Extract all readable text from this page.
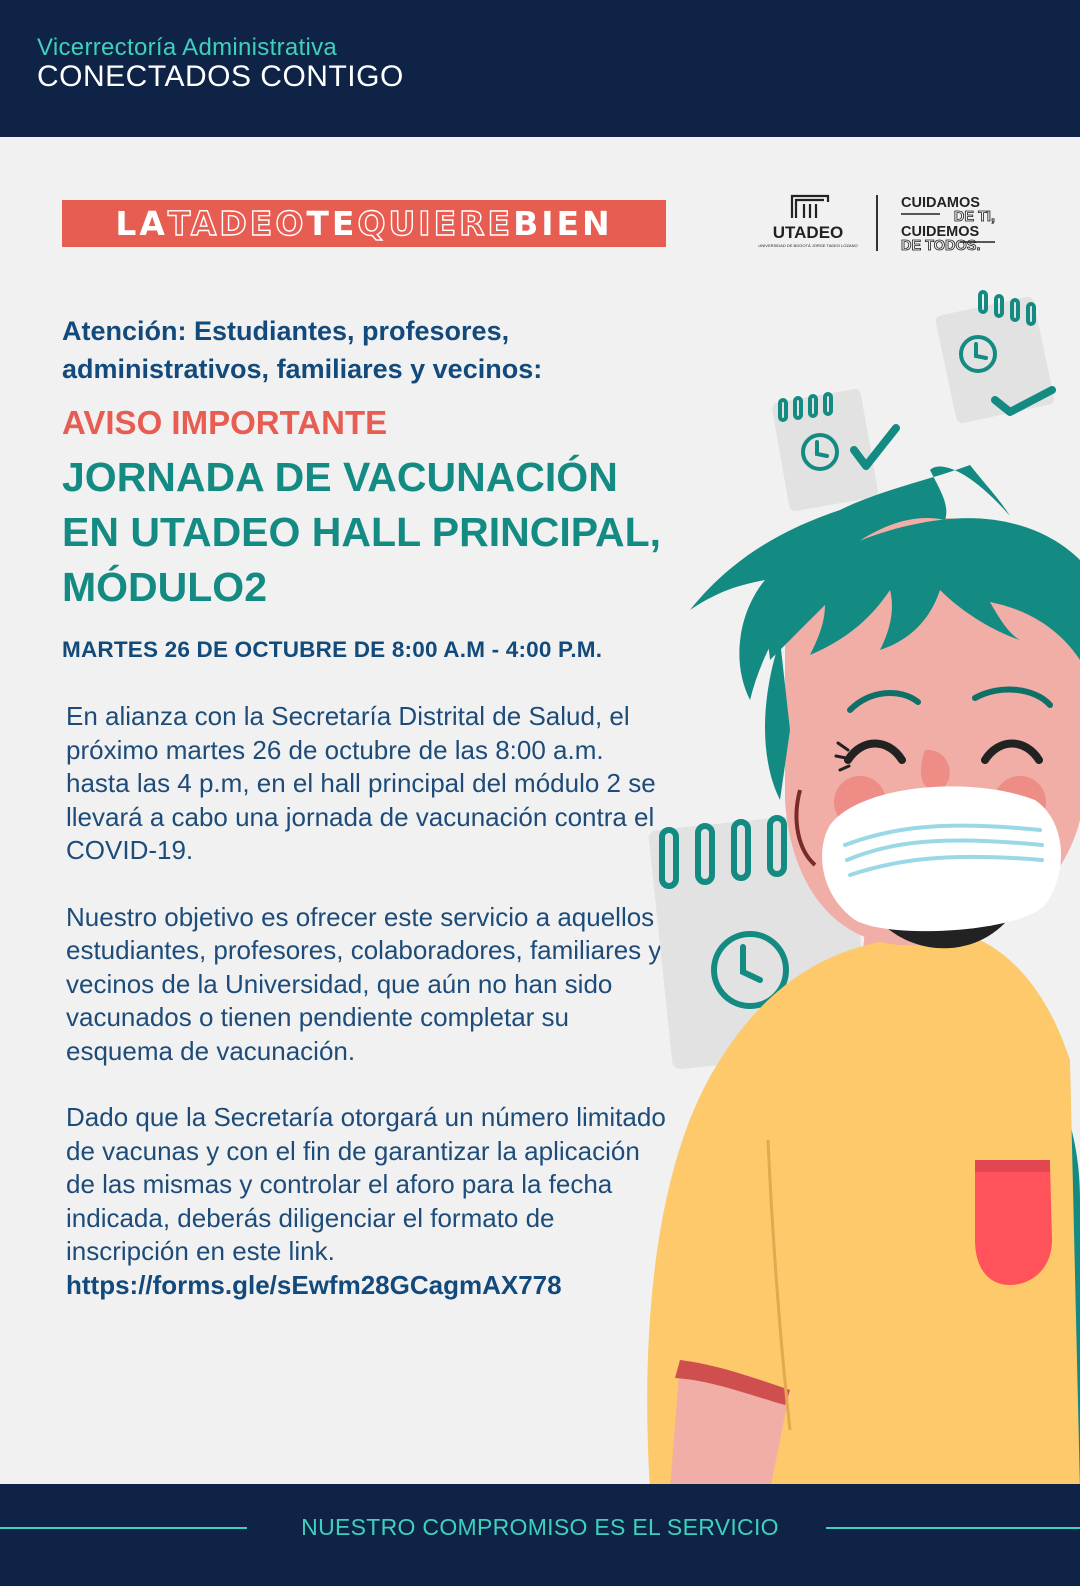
Vicerrectoría Administrativa
CONECTADOS CONTIGO
LA TADEO TE QUIERE BIEN	UTADEO
UNIVERSIDAD DE BOGOTÁ JORGE TADEO LOZANO
CUIDAMOS
DE TI,
CUIDEMOS
DE TODOS.
Atención: Estudiantes, profesores, administrativos, familiares y vecinos:
AVISO IMPORTANTE
JORNADA DE VACUNACIÓN
EN UTADEO HALL PRINCIPAL,
MÓDULO2
MARTES 26 DE OCTUBRE DE 8:00 A.M - 4:00 P.M.

En alianza con la Secretaría Distrital de Salud, el próximo martes 26 de octubre de las 8:00 a.m. hasta las 4 p.m, en el hall principal del módulo 2 se llevará a cabo una jornada de vacunación contra el COVID-19.

Nuestro objetivo es ofrecer este servicio a aquellos estudiantes, profesores, colaboradores, familiares y vecinos de la Universidad, que aún no han sido vacunados o tienen pendiente completar su esquema de vacunación.

Dado que la Secretaría otorgará un número limitado de vacunas y con el fin de garantizar la aplicación de las mismas y controlar el aforo para la fecha indicada, deberás diligenciar el formato de inscripción en este link.

https://forms.gle/sEwfm28GCagmAX778
NUESTRO COMPROMISO ES EL SERVICIO
